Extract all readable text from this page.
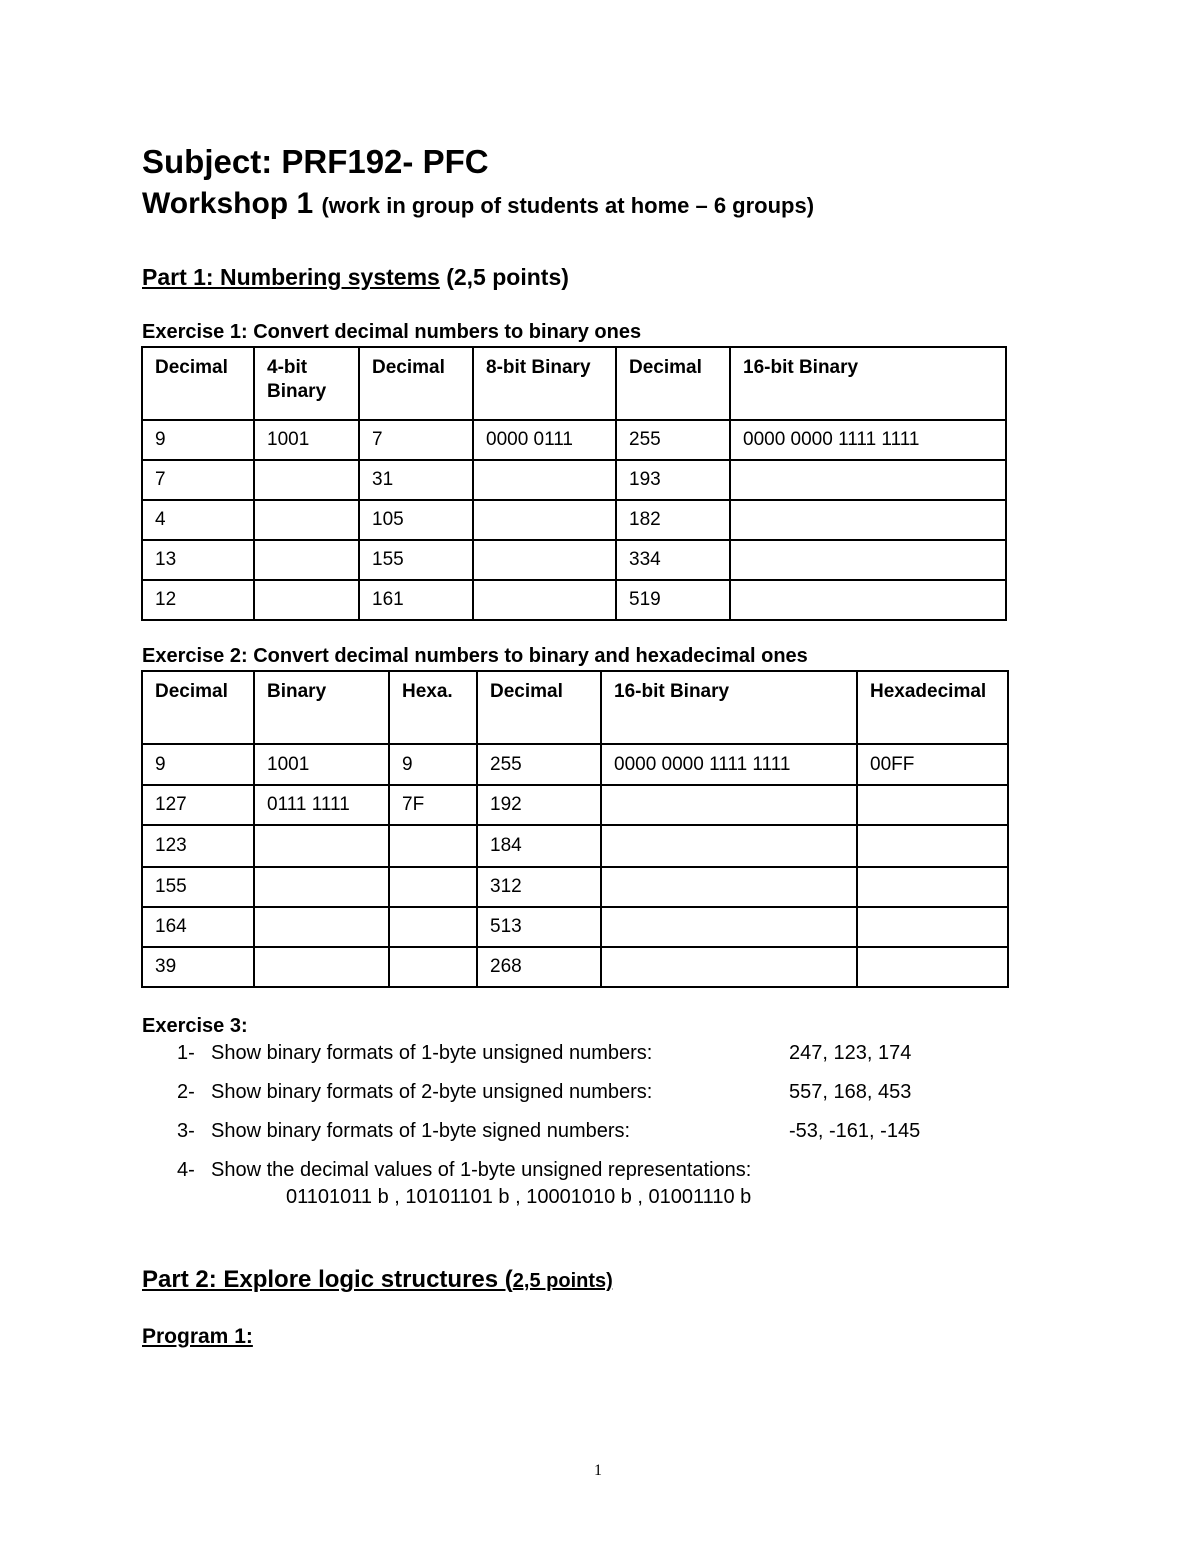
Subject: PRF192- PFC
Workshop 1 (work in group of students at home – 6 groups)
Part 1: Numbering systems (2,5 points)
Exercise 1: Convert decimal numbers to binary ones
Decimal	4-bit Binary	Decimal	8-bit Binary	Decimal	16-bit Binary
9	1001	7	0000 0111	255	0000 0000 1111 1111
7		31		193	
4		105		182	
13		155		334	
12		161		519	
Exercise 2: Convert decimal numbers to binary and hexadecimal ones
Decimal	Binary	Hexa.	Decimal	16-bit Binary	Hexadecimal
9	1001	9	255	0000 0000 1111 1111	00FF
127	0111 1111	7F	192		
123			184		
155			312		
164			513		
39			268		
Exercise 3:
1- Show binary formats of 1-byte unsigned numbers:	247, 123, 174
2- Show binary formats of 2-byte unsigned numbers:	557, 168, 453
3- Show binary formats of 1-byte signed numbers:	-53, -161, -145
4- Show the decimal values of 1-byte unsigned representations:
01101011 b , 10101101 b , 10001010 b , 01001110 b
Part 2: Explore logic structures (2,5 points)
Program 1:
1
